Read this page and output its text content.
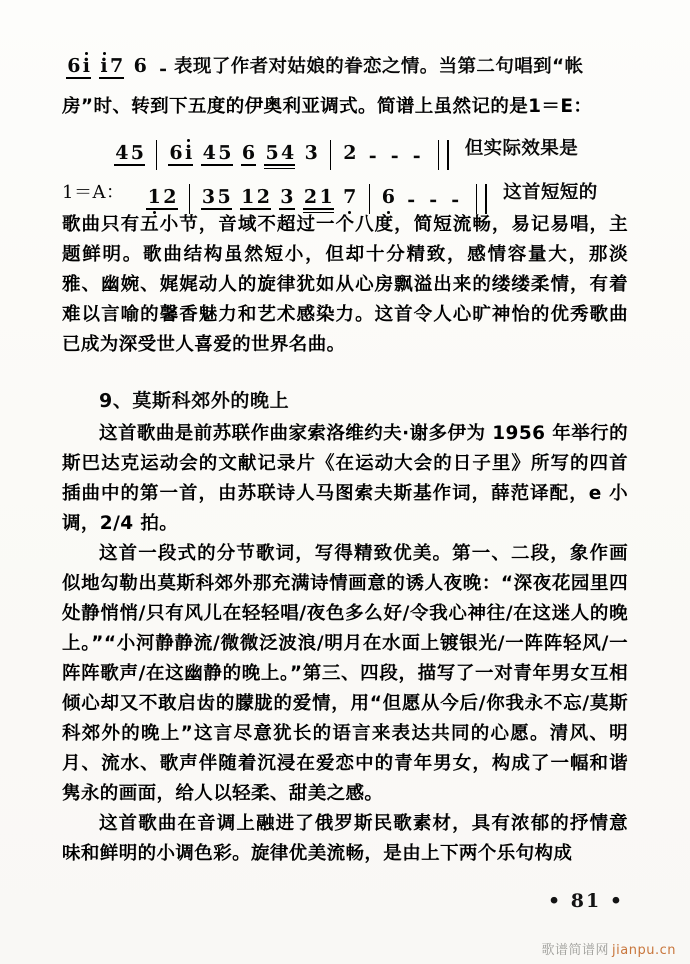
6 i i 7 6 - 表现了作者对姑娘的眷恋之情。当第二句唱到“帐
房”时、转到下五度的伊奥利亚调式。简谱上虽然记的是1＝E：
4 5 6 i 4 5 6 5 4 3 2 - - -	但实际效果是
1＝A： 1 2 3 5 1 2 3 2 1 7 6 - - -	这首短短的
歌曲只有五小节，音域不超过一个八度，简短流畅，易记易唱，主题鲜明。歌曲结构虽然短小，但却十分精致，感情容量大，那淡雅、幽婉、娓娓动人的旋律犹如从心房飘溢出来的缕缕柔情，有着难以言喻的馨香魅力和艺术感染力。这首令人心旷神怡的优秀歌曲已成为深受世人喜爱的世界名曲。
9、莫斯科郊外的晚上
这首歌曲是前苏联作曲家索洛维约夫·谢多伊为 1956 年举行的斯巴达克运动会的文献记录片《在运动大会的日子里》所写的四首插曲中的第一首，由苏联诗人马图索夫斯基作词，薛范译配，e 小调，2/4 拍。
这首一段式的分节歌词，写得精致优美。第一、二段，象作画似地勾勒出莫斯科郊外那充满诗情画意的诱人夜晚：“深夜花园里四处静悄悄/只有风儿在轻轻唱/夜色多么好/令我心神往/在这迷人的晚上。”“小河静静流/微微泛波浪/明月在水面上镀银光/一阵阵轻风/一阵阵歌声/在这幽静的晚上。”第三、四段，描写了一对青年男女互相倾心却又不敢启齿的朦胧的爱情，用“但愿从今后/你我永不忘/莫斯科郊外的晚上”这言尽意犹长的语言来表达共同的心愿。清风、明月、流水、歌声伴随着沉浸在爱恋中的青年男女，构成了一幅和谐隽永的画面，给人以轻柔、甜美之感。
这首歌曲在音调上融进了俄罗斯民歌素材，具有浓郁的抒情意味和鲜明的小调色彩。旋律优美流畅，是由上下两个乐句构成
• 81 •
歌谱简谱网 jianpu.cn
